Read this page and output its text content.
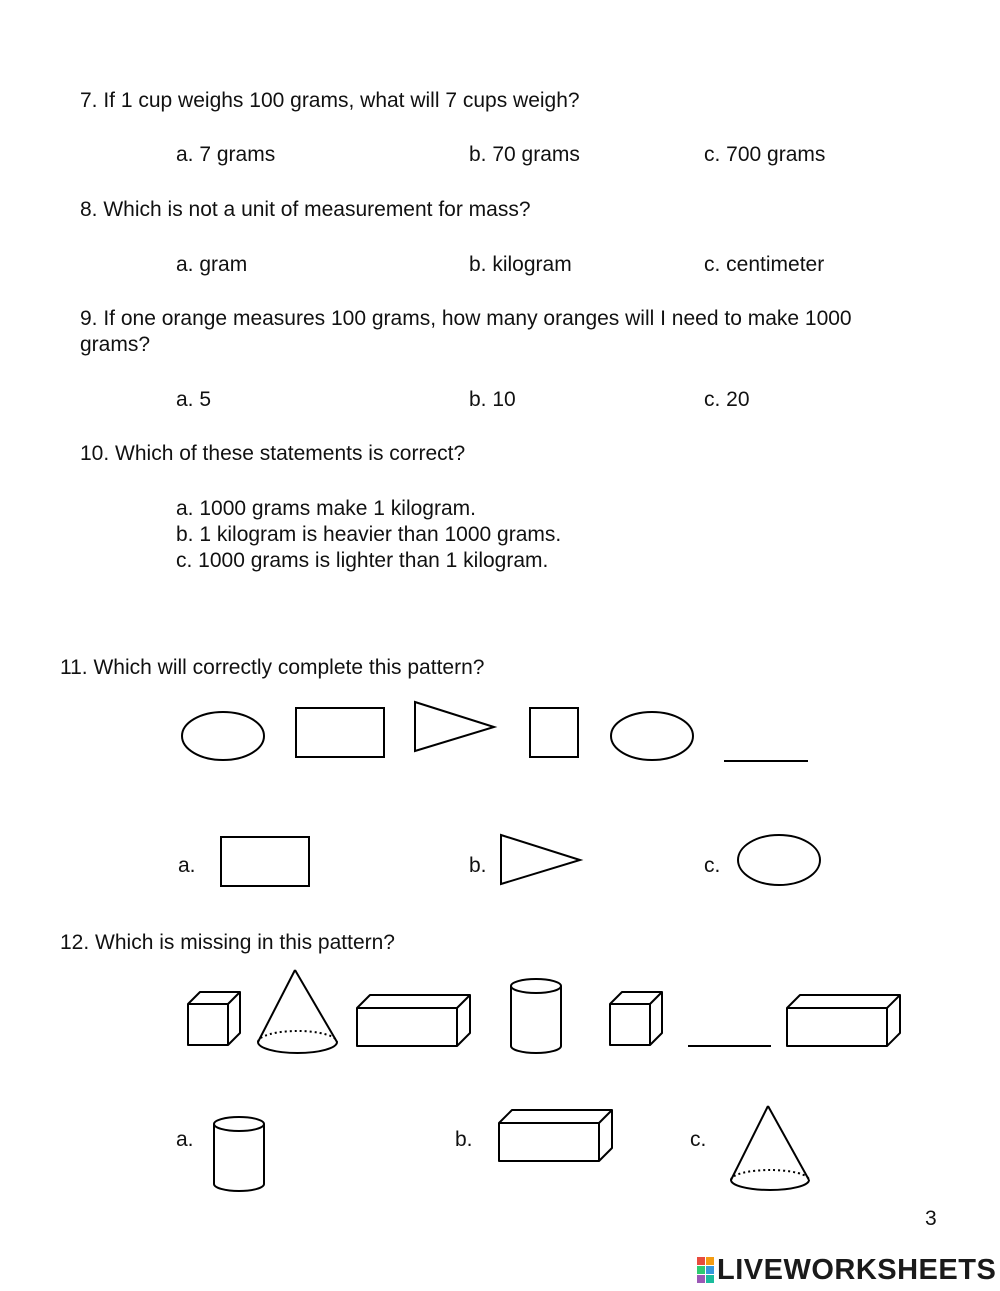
7. If 1 cup weighs 100 grams, what will 7 cups weigh?
a. 7 grams	b. 70 grams	c. 700 grams
8. Which is not a unit of measurement for mass?
a. gram	b. kilogram	c. centimeter
9. If one orange measures 100 grams, how many oranges will I need to make 1000
grams?
a. 5	b. 10	c. 20
10. Which of these statements is correct?
a. 1000 grams make 1 kilogram.
b. 1 kilogram is heavier than 1000 grams.
c. 1000 grams is lighter than 1 kilogram.
11. Which will correctly complete this pattern?
a.	b.	c.
12. Which is missing in this pattern?
a.	b.	c.
3
LIVEWORKSHEETS
